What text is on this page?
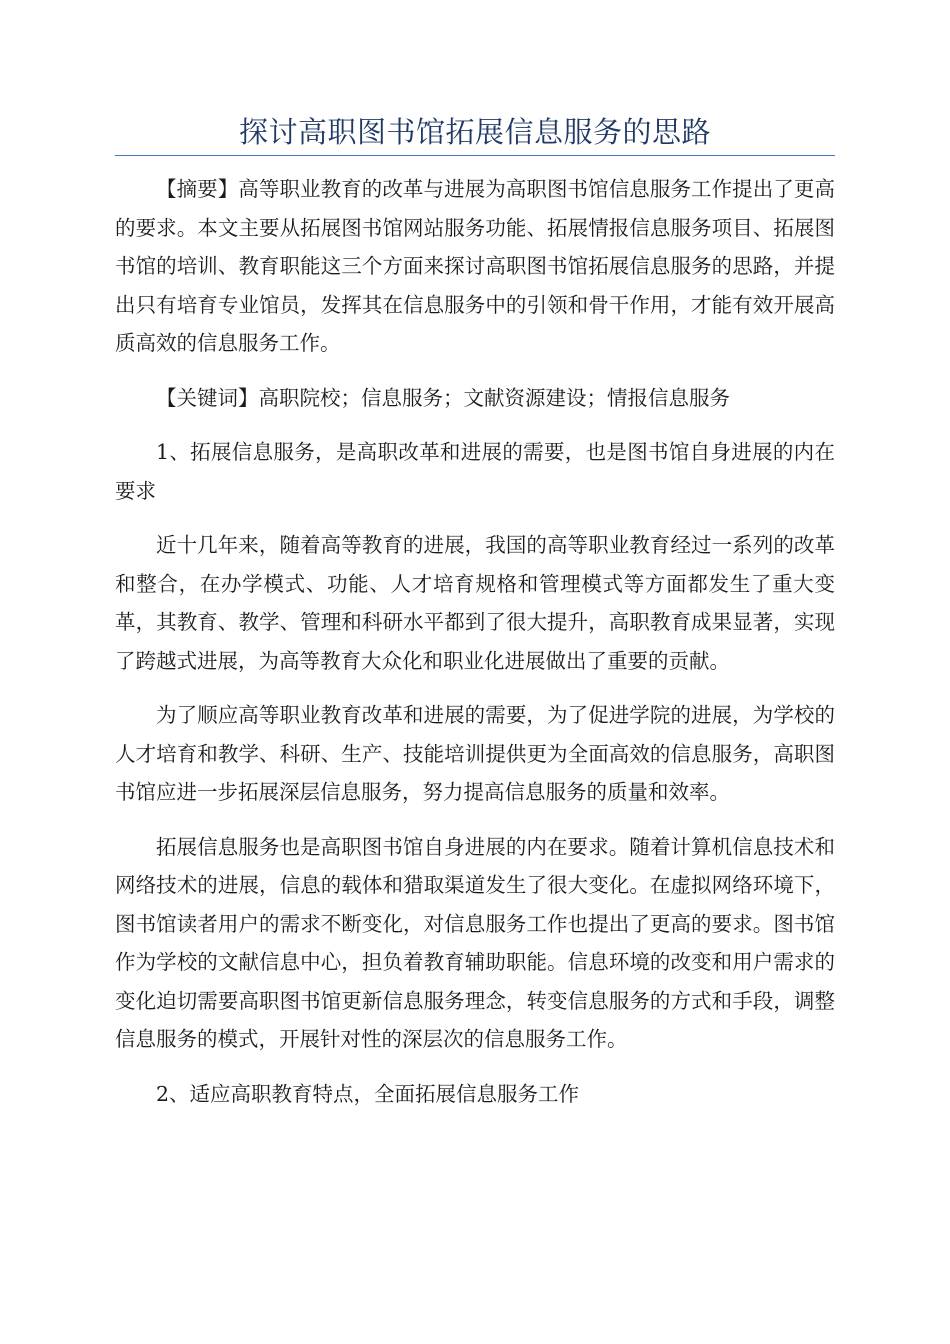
探讨高职图书馆拓展信息服务的思路

【摘要】高等职业教育的改革与进展为高职图书馆信息服务工作提出了更高的要求。本文主要从拓展图书馆网站服务功能、拓展情报信息服务项目、拓展图书馆的培训、教育职能这三个方面来探讨高职图书馆拓展信息服务的思路，并提出只有培育专业馆员，发挥其在信息服务中的引领和骨干作用，才能有效开展高质高效的信息服务工作。

【关键词】高职院校；信息服务；文献资源建设；情报信息服务

1、拓展信息服务，是高职改革和进展的需要，也是图书馆自身进展的内在要求

近十几年来，随着高等教育的进展，我国的高等职业教育经过一系列的改革和整合，在办学模式、功能、人才培育规格和管理模式等方面都发生了重大变革，其教育、教学、管理和科研水平都到了很大提升，高职教育成果显著，实现了跨越式进展，为高等教育大众化和职业化进展做出了重要的贡献。

为了顺应高等职业教育改革和进展的需要，为了促进学院的进展，为学校的人才培育和教学、科研、生产、技能培训提供更为全面高效的信息服务，高职图书馆应进一步拓展深层信息服务，努力提高信息服务的质量和效率。

拓展信息服务也是高职图书馆自身进展的内在要求。随着计算机信息技术和网络技术的进展，信息的载体和猎取渠道发生了很大变化。在虚拟网络环境下，图书馆读者用户的需求不断变化，对信息服务工作也提出了更高的要求。图书馆作为学校的文献信息中心，担负着教育辅助职能。信息环境的改变和用户需求的变化迫切需要高职图书馆更新信息服务理念，转变信息服务的方式和手段，调整信息服务的模式，开展针对性的深层次的信息服务工作。

2、适应高职教育特点，全面拓展信息服务工作
